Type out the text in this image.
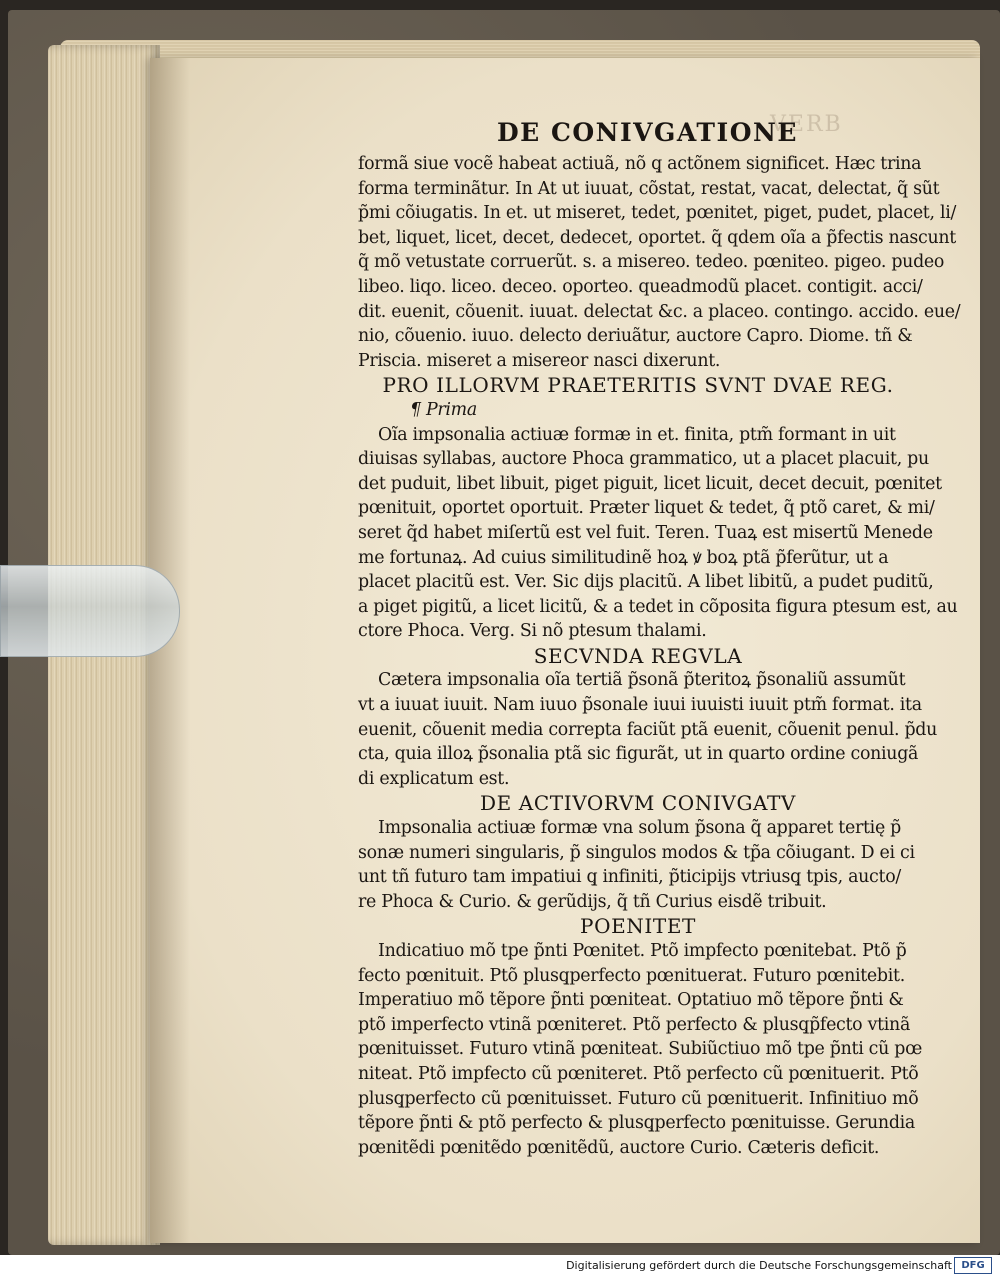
VERB
DE CONIVGATIONE
formã siue vocẽ habeat actiuã, nõ q̧ actõnem significet. Hæc trina
forma terminãtur. In At ut iuuat, cõstat, restat, vacat, delectat, q̃ sũt
p̃mi cõiugatis. In et. ut miseret, tedet, pœnitet, piget, pudet, placet, li/
bet, liquet, licet, decet, dedecet, oportet. q̃ qdem oĩa a p̃fectis nascunt
q̃ mõ vetustate corruerũt. s. a misereo. tedeo. pœniteo. pigeo. pudeo
libeo. liqo. liceo. deceo. oporteo. queadmodũ placet. contigit. acci/
dit. euenit, cõuenit. iuuat. delectat &c. a placeo. contingo. accido. eue/
nio, cõuenio. iuuo. delecto deriuãtur, auctore Capro. Diome. tñ &
Priscia. miseret a misereor nasci dixerunt.
PRO ILLORVM PRAETERITIS SVNT DVAE REG.
¶ Prima
Oĩa impsonalia actiuæ formæ in et. finita, ptm̃ formant in uit
diuisas syllabas, auctore Phoca grammatico, ut a placet placuit, pu
det puduit, libet libuit, piget piguit, licet licuit, decet decuit, pœnitet
pœnituit, oportet oportuit. Præter liquet & tedet, q̃ ptõ caret, & mi/
seret q̃d habet miſertũ est vel fuit. Teren. Tuaꝝ est misertũ Menede
me fortunaꝝ. Ad cuius similitudinẽ hoꝝ ꝟ boꝝ ptã p̃ferũtur, ut a
placet placitũ est. Ver. Sic dijs placitũ. A libet libitũ, a pudet puditũ,
a piget pigitũ, a licet licitũ, & a tedet in cõposita figura ptesum est, au
ctore Phoca. Verg. Si nõ ptesum thalami.
SECVNDA REGVLA
Cætera impsonalia oĩa tertiã p̃sonã p̃teritoꝝ p̃sonaliũ assumũt
vt a iuuat iuuit. Nam iuuo p̃sonale iuui iuuisti iuuit ptm̃ format. ita
euenit, cõuenit media correpta faciũt ptã euenit, cõuenit penul. p̃du
cta, quia illoꝝ p̃sonalia ptã sic figurãt, ut in quarto ordine coniugã
di explicatum est.
DE ACTIVORVM CONIVGATV
Impsonalia actiuæ formæ vna solum p̃sona q̃ apparet tertię p̃
sonæ numeri singularis, p̃ singulos modos & tp̃a cõiugant. D ei ci
unt tñ futuro tam impatiui q̧ infiniti, p̃ticipijs vtriusq̧ tpis, aucto/
re Phoca & Curio. & gerũdijs, q̃ tñ Curius eisdẽ tribuit.
POENITET
Indicatiuo mõ tpe p̃nti Pœnitet. Ptõ impfecto pœnitebat. Ptõ p̃
fecto pœnituit. Ptõ plusq̧perfecto pœnituerat. Futuro pœnitebit.
Imperatiuo mõ tẽpore p̃nti pœniteat. Optatiuo mõ tẽpore p̃nti &
ptõ imperfecto vtinã pœniteret. Ptõ perfecto & plusq̧p̃fecto vtinã
pœnituisset. Futuro vtinã pœniteat. Subiũctiuo mõ tpe p̃nti cũ pœ
niteat. Ptõ impfecto cũ pœniteret. Ptõ perfecto cũ pœnituerit. Ptõ
plusq̧perfecto cũ pœnituisset. Futuro cũ pœnituerit. Infinitiuo mõ
tẽpore p̃nti & ptõ perfecto & plusq̧perfecto pœnituisse. Gerundia
pœnitẽdi pœnitẽdo pœnitẽdũ, auctore Curio. Cæteris deficit.
Digitalisierung gefördert durch die Deutsche Forschungsgemeinschaft DFG
